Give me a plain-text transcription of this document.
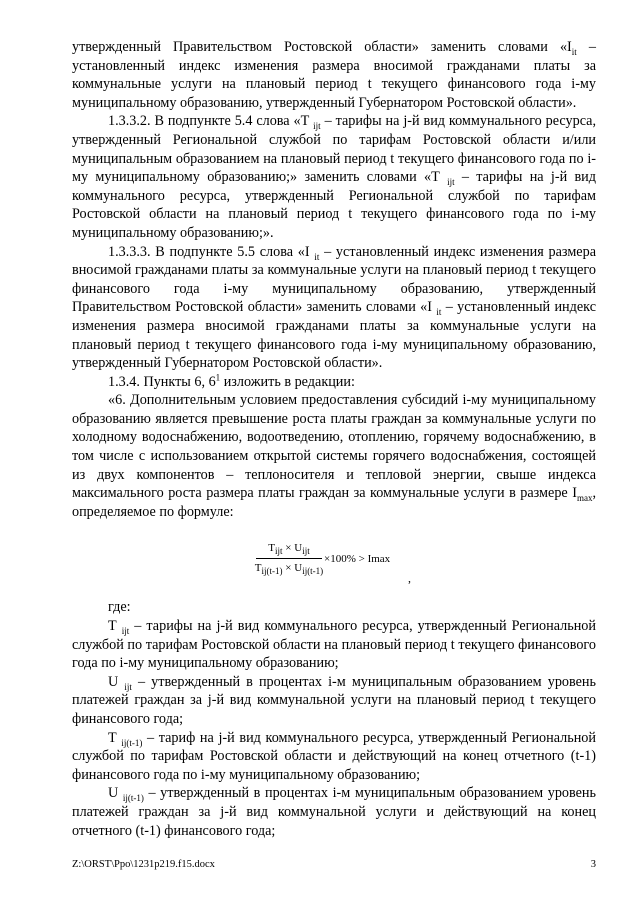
утвержденный Правительством Ростовской области» заменить словами «$I_{it}$ – установленный индекс изменения размера вносимой гражданами платы за коммунальные услуги на плановый период t текущего финансового года i-му муниципальному образованию, утвержденный Губернатором Ростовской области».

1.3.3.2. В подпункте 5.4 слова «Т $_{ijt}$ – тарифы на j-й вид коммунального ресурса, утвержденный Региональной службой по тарифам Ростовской области и/или муниципальным образованием на плановый период t текущего финансового года по i-му муниципальному образованию;» заменить словами «Т $_{ijt}$ – тарифы на j-й вид коммунального ресурса, утвержденный Региональной службой по тарифам Ростовской области на плановый период t текущего финансового года по i-му муниципальному образованию;».

1.3.3.3. В подпункте 5.5 слова «I $_{it}$ – установленный индекс изменения размера вносимой гражданами платы за коммунальные услуги на плановый период t текущего финансового года i-му муниципальному образованию, утвержденный Правительством Ростовской области» заменить словами «I $_{it}$ – установленный индекс изменения размера вносимой гражданами платы за коммунальные услуги на плановый период t текущего финансового года i-му муниципальному образованию, утвержденный Губернатором Ростовской области».

1.3.4. Пункты 6, $6^1$ изложить в редакции:

«6. Дополнительным условием предоставления субсидий i-му муниципальному образованию является превышение роста платы граждан за коммунальные услуги по холодному водоснабжению, водоотведению, отоплению, горячему водоснабжению, в том числе с использованием открытой системы горячего водоснабжения, состоящей из двух компонентов – теплоносителя и тепловой энергии, свыше индекса максимального роста размера платы граждан за коммунальные услуги в размере $I_{max}$, определяемое по формуле:

$T_{ijt} \times U_{ijt}$
$T_{ij(t-1)} \times U_{ij(t-1)}$
×100% > Imax
,
где:

Т $_{ijt}$ – тарифы на j-й вид коммунального ресурса, утвержденный Региональной службой по тарифам Ростовской области на плановый период t текущего финансового года по i-му муниципальному образованию;

U $_{ijt}$ – утвержденный в процентах i-м муниципальным образованием уровень платежей граждан за j-й вид коммунальной услуги на плановый период t текущего финансового года;

Т $_{ij(t-1)}$ – тариф на j-й вид коммунального ресурса, утвержденный Региональной службой по тарифам Ростовской области и действующий на конец отчетного (t-1) финансового года по i-му муниципальному образованию;

U $_{ij(t-1)}$ – утвержденный в процентах i-м муниципальным образованием уровень платежей граждан за j-й вид коммунальной услуги и действующий на конец отчетного (t-1) финансового года;

Z:\ORST\Ppo\1231p219.f15.docx	3
